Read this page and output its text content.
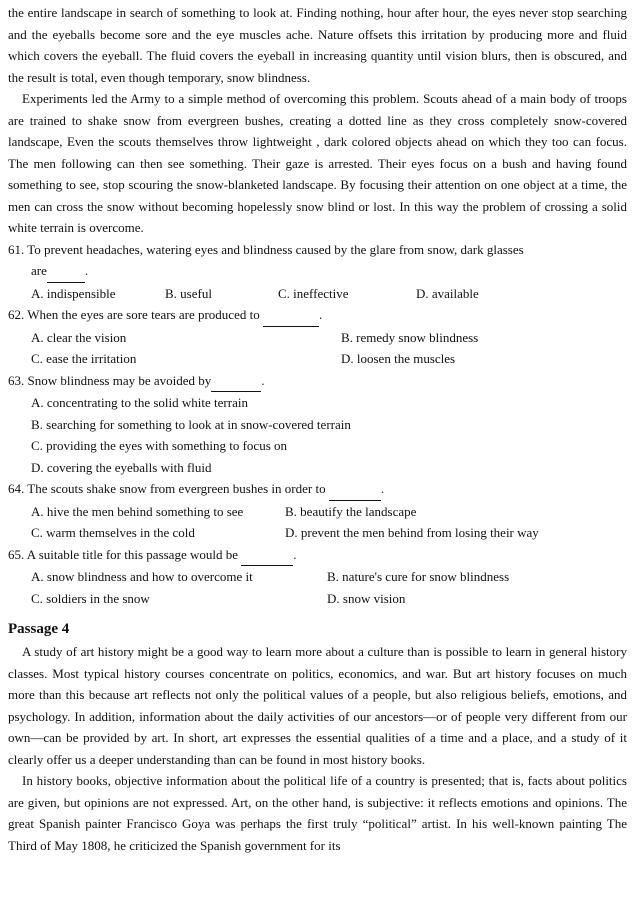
the entire landscape in search of something to look at. Finding nothing, hour after hour, the eyes never stop searching and the eyeballs become sore and the eye muscles ache. Nature offsets this irritation by producing more and fluid which covers the eyeball. The fluid covers the eyeball in increasing quantity until vision blurs, then is obscured, and the result is total, even though temporary, snow blindness.

Experiments led the Army to a simple method of overcoming this problem. Scouts ahead of a main body of troops are trained to shake snow from evergreen bushes, creating a dotted line as they cross completely snow-covered landscape, Even the scouts themselves throw lightweight , dark colored objects ahead on which they too can focus. The men following can then see something. Their gaze is arrested. Their eyes focus on a bush and having found something to see, stop scouring the snow-blanketed landscape. By focusing their attention on one object at a time, the men can cross the snow without becoming hopelessly snow blind or lost. In this way the problem of crossing a solid white terrain is overcome.

61. To prevent headaches, watering eyes and blindness caused by the glare from snow, dark glasses
are	.
A. indispensible	B. useful	C. ineffective	D. available
62. When the eyes are sore tears are produced to	.
A. clear the vision	B. remedy snow blindness
C. ease the irritation	D. loosen the muscles
63. Snow blindness may be avoided by	.
A. concentrating to the solid white terrain
B. searching for something to look at in snow-covered terrain
C. providing the eyes with something to focus on
D. covering the eyeballs with fluid
64. The scouts shake snow from evergreen bushes in order to	.
A. hive the men behind something to see	B. beautify the landscape
C. warm themselves in the cold	D. prevent the men behind from losing their way
65. A suitable title for this passage would be	.
A. snow blindness and how to overcome it	B. nature's cure for snow blindness
C. soldiers in the snow	D. snow vision
Passage 4

A study of art history might be a good way to learn more about a culture than is possible to learn in general history classes. Most typical history courses concentrate on politics, economics, and war. But art history focuses on much more than this because art reflects not only the political values of a people, but also religious beliefs, emotions, and psychology. In addition, information about the daily activities of our ancestors—or of people very different from our own—can be provided by art. In short, art expresses the essential qualities of a time and a place, and a study of it clearly offer us a deeper understanding than can be found in most history books.

In history books, objective information about the political life of a country is presented; that is, facts about politics are given, but opinions are not expressed. Art, on the other hand, is subjective: it reflects emotions and opinions. The great Spanish painter Francisco Goya was perhaps the first truly “political” artist. In his well-known painting The Third of May 1808, he criticized the Spanish government for its
